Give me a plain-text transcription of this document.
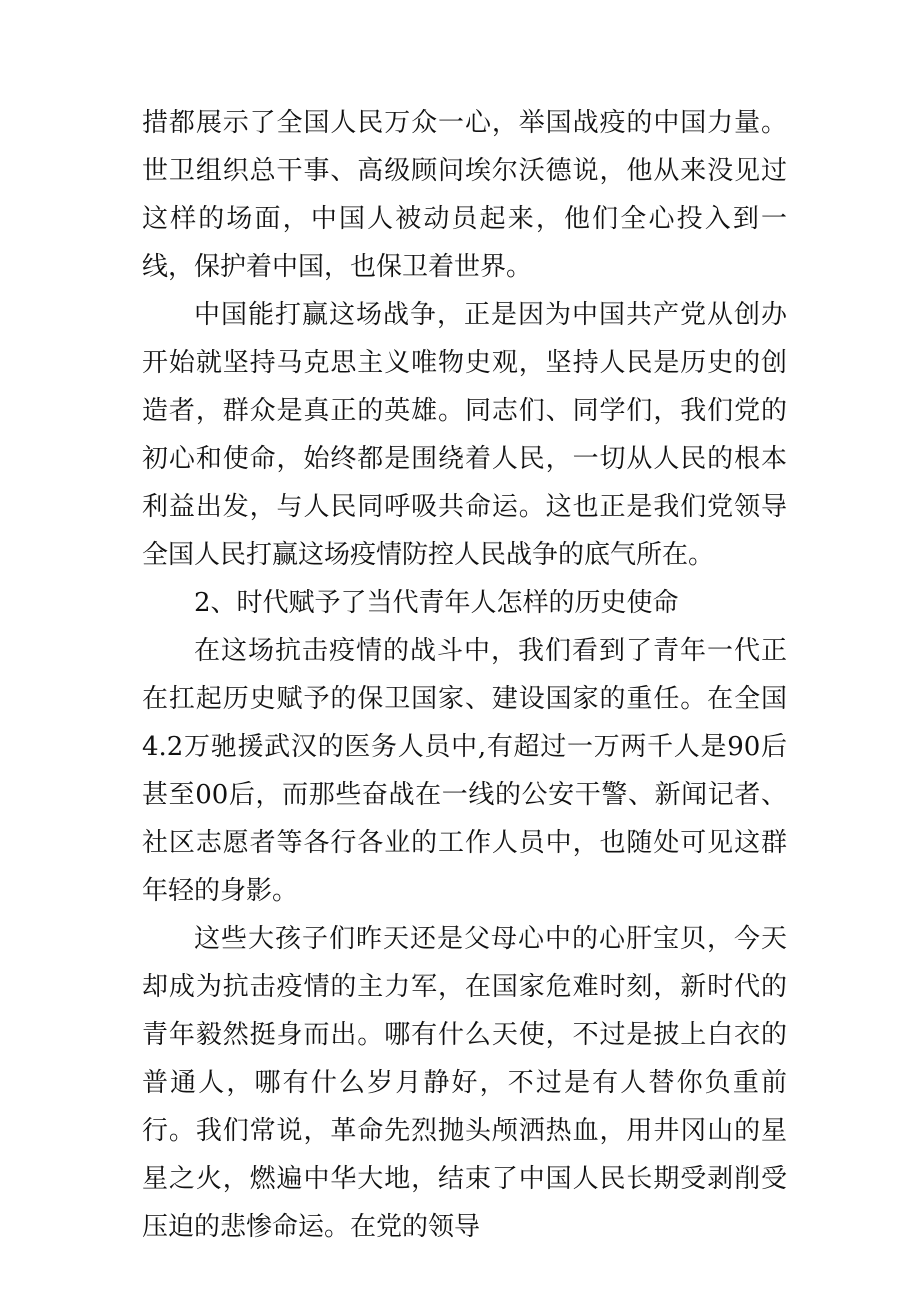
措都展示了全国人民万众一心，举国战疫的中国力量。世卫组织总干事、高级顾问埃尔沃德说，他从来没见过这样的场面，中国人被动员起来，他们全心投入到一线，保护着中国，也保卫着世界。

中国能打赢这场战争，正是因为中国共产党从创办开始就坚持马克思主义唯物史观，坚持人民是历史的创造者，群众是真正的英雄。同志们、同学们，我们党的初心和使命，始终都是围绕着人民，一切从人民的根本利益出发，与人民同呼吸共命运。这也正是我们党领导全国人民打赢这场疫情防控人民战争的底气所在。

2、时代赋予了当代青年人怎样的历史使命

在这场抗击疫情的战斗中，我们看到了青年一代正在扛起历史赋予的保卫国家、建设国家的重任。在全国4.2万驰援武汉的医务人员中,有超过一万两千人是90后甚至00后，而那些奋战在一线的公安干警、新闻记者、社区志愿者等各行各业的工作人员中，也随处可见这群年轻的身影。

这些大孩子们昨天还是父母心中的心肝宝贝，今天却成为抗击疫情的主力军，在国家危难时刻，新时代的青年毅然挺身而出。哪有什么天使，不过是披上白衣的普通人，哪有什么岁月静好，不过是有人替你负重前行。我们常说，革命先烈抛头颅洒热血，用井冈山的星星之火，燃遍中华大地，结束了中国人民长期受剥削受压迫的悲惨命运。在党的领导
